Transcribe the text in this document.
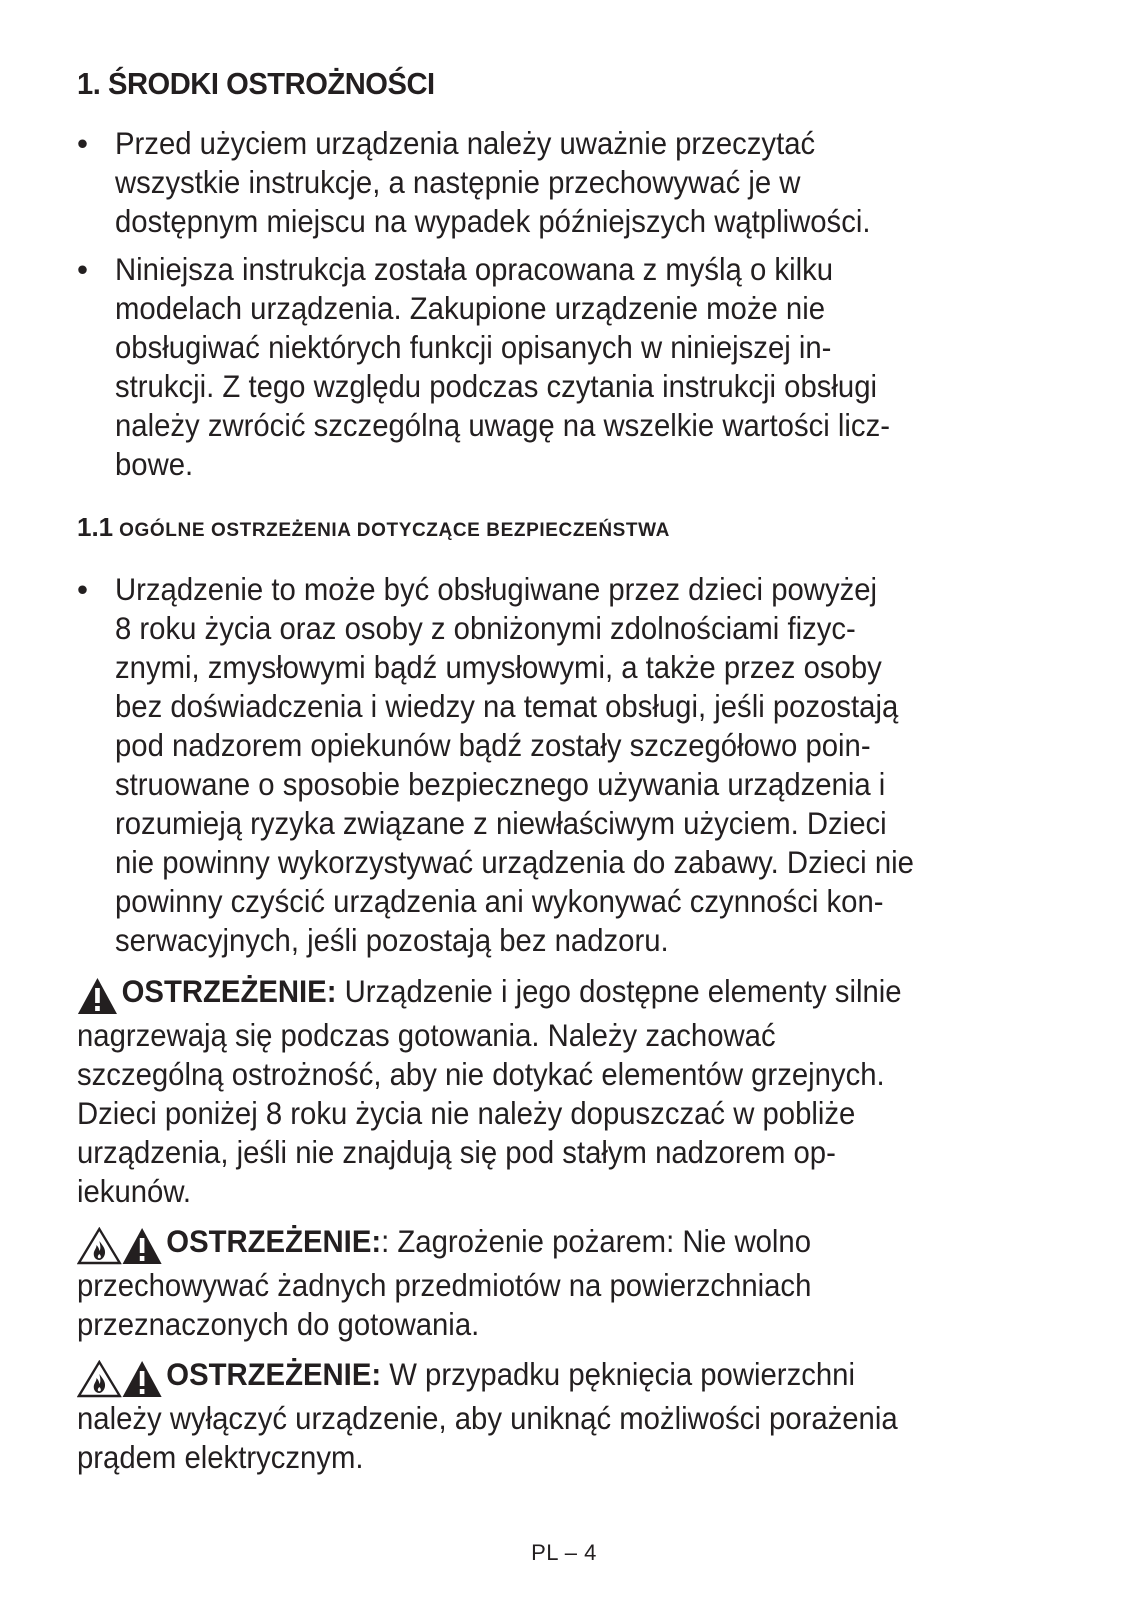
1. ŚRODKI OSTROŻNOŚCI
• Przed użyciem urządzenia należy uważnie przeczytać
wszystkie instrukcje, a następnie przechowywać je w
dostępnym miejscu na wypadek późniejszych wątpliwości.
• Niniejsza instrukcja została opracowana z myślą o kilku
modelach urządzenia. Zakupione urządzenie może nie
obsługiwać niektórych funkcji opisanych w niniejszej in-
strukcji. Z tego względu podczas czytania instrukcji obsługi
należy zwrócić szczególną uwagę na wszelkie wartości licz-
bowe.
1.1 OGÓLNE OSTRZEŻENIA DOTYCZĄCE BEZPIECZEŃSTWA
• Urządzenie to może być obsługiwane przez dzieci powyżej
8 roku życia oraz osoby z obniżonymi zdolnościami fizyc-
znymi, zmysłowymi bądź umysłowymi, a także przez osoby
bez doświadczenia i wiedzy na temat obsługi, jeśli pozostają
pod nadzorem opiekunów bądź zostały szczegółowo poin-
struowane o sposobie bezpiecznego używania urządzenia i
rozumieją ryzyka związane z niewłaściwym użyciem. Dzieci
nie powinny wykorzystywać urządzenia do zabawy. Dzieci nie
powinny czyścić urządzenia ani wykonywać czynności kon-
serwacyjnych, jeśli pozostają bez nadzoru.
OSTRZEŻENIE: Urządzenie i jego dostępne elementy silnie
nagrzewają się podczas gotowania. Należy zachować
szczególną ostrożność, aby nie dotykać elementów grzejnych.
Dzieci poniżej 8 roku życia nie należy dopuszczać w pobliże
urządzenia, jeśli nie znajdują się pod stałym nadzorem op-
iekunów.
OSTRZEŻENIE:: Zagrożenie pożarem: Nie wolno
przechowywać żadnych przedmiotów na powierzchniach
przeznaczonych do gotowania.
OSTRZEŻENIE: W przypadku pęknięcia powierzchni
należy wyłączyć urządzenie, aby uniknąć możliwości porażenia
prądem elektrycznym.
PL – 4
